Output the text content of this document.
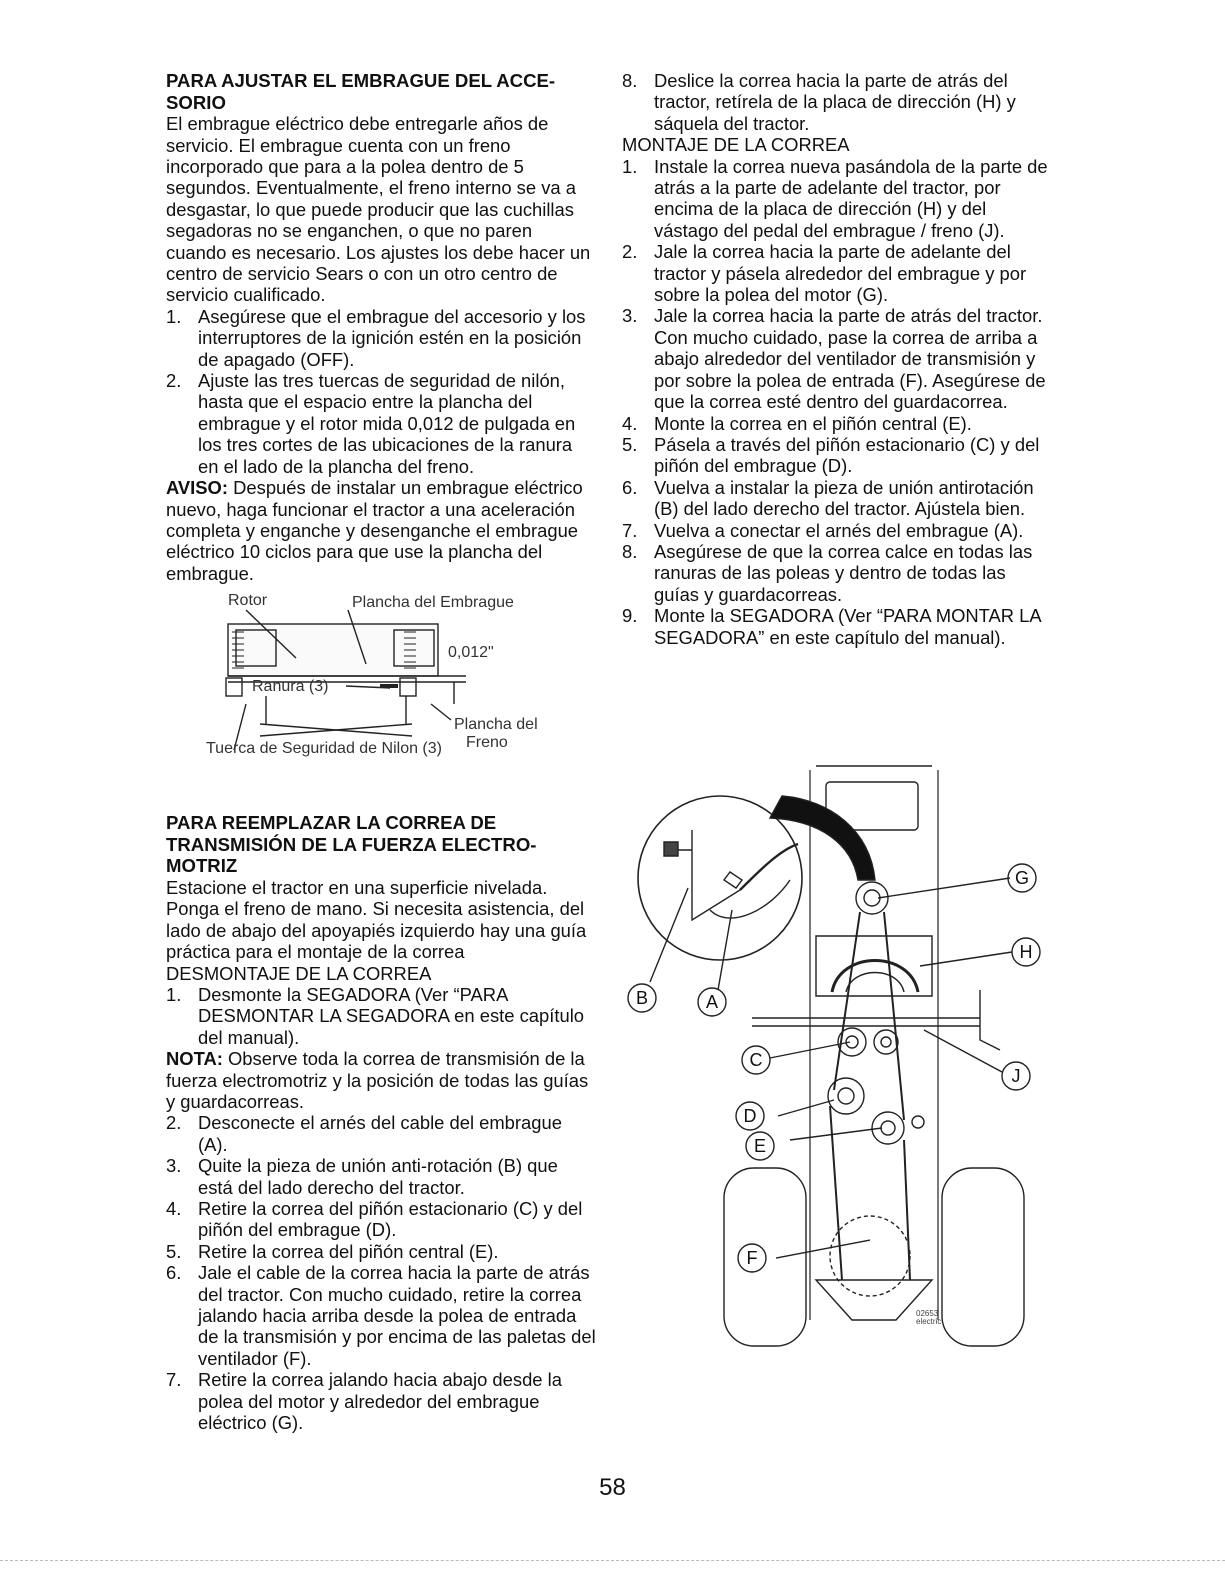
PARA AJUSTAR EL EMBRAGUE DEL ACCE- SORIO

El embrague eléctrico debe entregarle años de servicio. El embrague cuenta con un freno incorporado que para a la polea dentro de 5 segundos. Eventualmente, el freno interno se va a desgastar, lo que puede producir que las cuchillas segadoras no se enganchen, o que no paren cuando es necesario. Los ajustes los debe hacer un centro de servicio Sears o con un otro centro de servicio cualificado.

1. Asegúrese que el embrague del accesorio y los interruptores de la ignición estén en la posición de apagado (OFF).
2. Ajuste las tres tuercas de seguridad de nilón, hasta que el espacio entre la plancha del embrague y el rotor mida 0,012 de pulgada en los tres cortes de las ubicaciones de la ranura en el lado de la plancha del freno.

AVISO: Después de instalar un embrague eléctrico nuevo, haga funcionar el tractor a una aceleración completa y enganche y desenganche el embrague eléctrico 10 ciclos para que use la plancha del embrague.

Rotor	Plancha del Embrague
0,012"
Ranura (3)
Plancha del
Freno
Tuerca de Seguridad de Nilon (3)

PARA REEMPLAZAR LA CORREA DE TRANSMISIÓN DE LA FUERZA ELECTRO- MOTRIZ

Estacione el tractor en una superficie nivelada. Ponga el freno de mano. Si necesita asistencia, del lado de abajo del apoyapiés izquierdo hay una guía práctica para el montaje de la correa

DESMONTAJE DE LA CORREA

1. Desmonte la SEGADORA (Ver “PARA DESMONTAR LA SEGADORA en este capítulo del manual).

NOTA: Observe toda la correa de transmisión de la fuerza electromotriz y la posición de todas las guías y guardacorreas.

2. Desconecte el arnés del cable del embrague (A).
3. Quite la pieza de unión anti-rotación (B) que está del lado derecho del tractor.
4. Retire la correa del piñón estacionario (C) y del piñón del embrague (D).
5. Retire la correa del piñón central (E).
6. Jale el cable de la correa hacia la parte de atrás del tractor. Con mucho cuidado, retire la correa jalando hacia arriba desde la polea de entrada de la transmisión y por encima de las paletas del ventilador (F).
7. Retire la correa jalando hacia abajo desde la polea del motor y alrededor del embrague eléctrico (G).
8. Deslice la correa hacia la parte de atrás del tractor, retírela de la placa de dirección (H) y sáquela del tractor.

MONTAJE DE LA CORREA

1. Instale la correa nueva pasándola de la parte de atrás a la parte de adelante del tractor, por encima de la placa de dirección (H) y del vástago del pedal del embrague / freno (J).
2. Jale la correa hacia la parte de adelante del tractor y pásela alrededor del embrague y por sobre la polea del motor (G).
3. Jale la correa hacia la parte de atrás del tractor. Con mucho cuidado, pase la correa de arriba a abajo alrededor del ventilador de transmisión y por sobre la polea de entrada (F). Asegúrese de que la correa esté dentro del guardacorrea.
4. Monte la correa en el piñón central (E).
5. Pásela a través del piñón estacionario (C) y del piñón del embrague (D).
6. Vuelva a instalar la pieza de unión antirotación (B) del lado derecho del tractor. Ajústela bien.
7. Vuelva a conectar el arnés del embrague (A).
8. Asegúrese de que la correa calce en todas las ranuras de las poleas y dentro de todas las guías y guardacorreas.
9. Monte la SEGADORA (Ver “PARA MONTAR LA SEGADORA” en este capítulo del manual).
G
H
B	A
C
J
D
E
F
02653
electric
58
